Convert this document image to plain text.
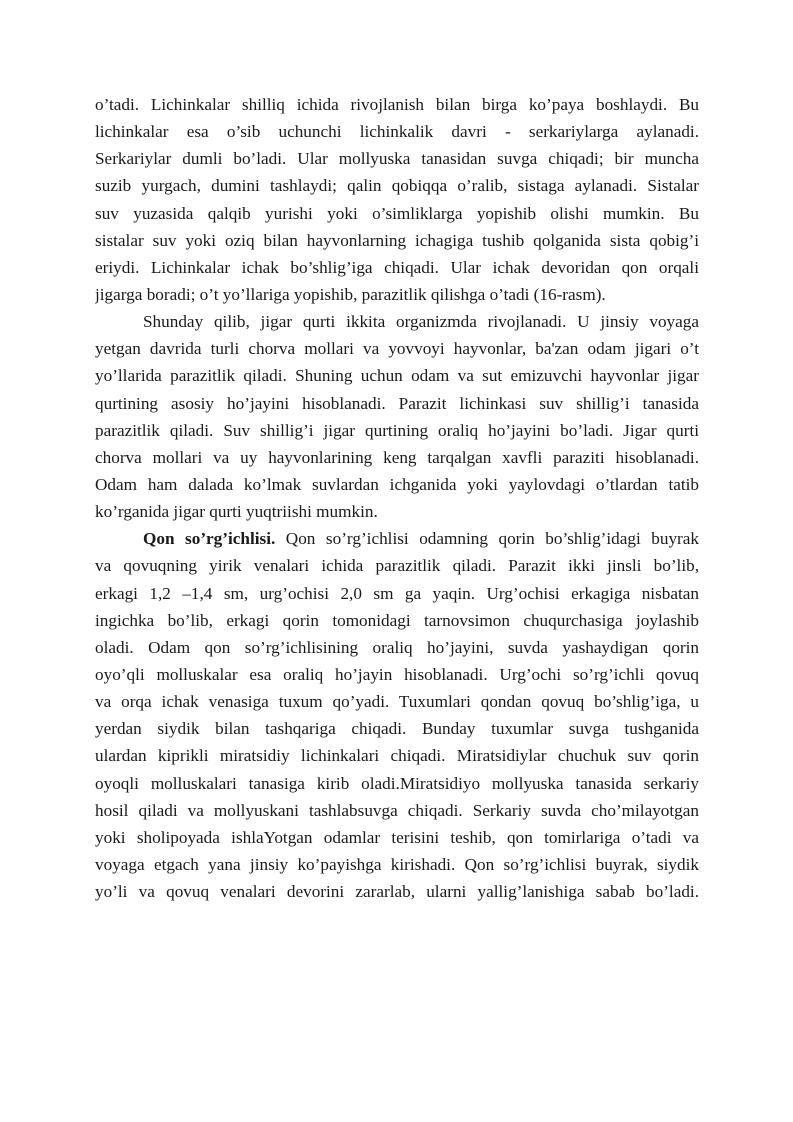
o’tadi. Lichinkalar shilliq ichida rivojlanish bilan birga ko’paya boshlaydi. Bu
lichinkalar esa o’sib uchunchi lichinkalik davri - serkariylarga aylanadi.
Serkariylar dumli bo’ladi. Ular mollyuska tanasidan suvga chiqadi; bir muncha
suzib yurgach, dumini tashlaydi; qalin qobiqqa o’ralib, sistaga aylanadi. Sistalar
suv yuzasida qalqib yurishi yoki o’simliklarga yopishib olishi mumkin. Bu
sistalar suv yoki oziq bilan hayvonlarning ichagiga tushib qolganida sista qobig’i
eriydi. Lichinkalar ichak bo’shlig’iga chiqadi. Ular ichak devoridan qon orqali
jigarga boradi; o’t yo’llariga yopishib, parazitlik qilishga o’tadi (16-rasm).
Shunday qilib, jigar qurti ikkita organizmda rivojlanadi. U jinsiy voyaga
yetgan davrida turli chorva mollari va yovvoyi hayvonlar, ba'zan odam jigari o’t
yo’llarida parazitlik qiladi. Shuning uchun odam va sut emizuvchi hayvonlar jigar
qurtining asosiy ho’jayini hisoblanadi. Parazit lichinkasi suv shillig’i tanasida
parazitlik qiladi. Suv shillig’i jigar qurtining oraliq ho’jayini bo’ladi. Jigar qurti
chorva mollari va uy hayvonlarining keng tarqalgan xavfli paraziti hisoblanadi.
Odam ham dalada ko’lmak suvlardan ichganida yoki yaylovdagi o’tlardan tatib
ko’rganida jigar qurti yuqtriishi mumkin.
Qon so’rg’ichlisi. Qon so’rg’ichlisi odamning qorin bo’shlig’idagi buyrak
va qovuqning yirik venalari ichida parazitlik qiladi. Parazit ikki jinsli bo’lib,
erkagi 1,2 –1,4 sm, urg’ochisi 2,0 sm ga yaqin. Urg’ochisi erkagiga nisbatan
ingichka bo’lib, erkagi qorin tomonidagi tarnovsimon chuqurchasiga joylashib
oladi. Odam qon so’rg’ichlisining oraliq ho’jayini, suvda yashaydigan qorin
oyo’qli molluskalar esa oraliq ho’jayin hisoblanadi. Urg’ochi so’rg’ichli qovuq
va orqa ichak venasiga tuxum qo’yadi. Tuxumlari qondan qovuq bo’shlig’iga, u
yerdan siydik bilan tashqariga chiqadi. Bunday tuxumlar suvga tushganida
ulardan kiprikli miratsidiy lichinkalari chiqadi. Miratsidiylar chuchuk suv qorin
oyoqli molluskalari tanasiga kirib oladi.Miratsidiyo mollyuska tanasida serkariy
hosil qiladi va mollyuskani tashlabsuvga chiqadi. Serkariy suvda cho’milayotgan
yoki sholipoyada ishlaYotgan odamlar terisini teshib, qon tomirlariga o’tadi va
voyaga etgach yana jinsiy ko’payishga kirishadi. Qon so’rg’ichlisi buyrak, siydik
yo’li va qovuq venalari devorini zararlab, ularni yallig’lanishiga sabab bo’ladi.
